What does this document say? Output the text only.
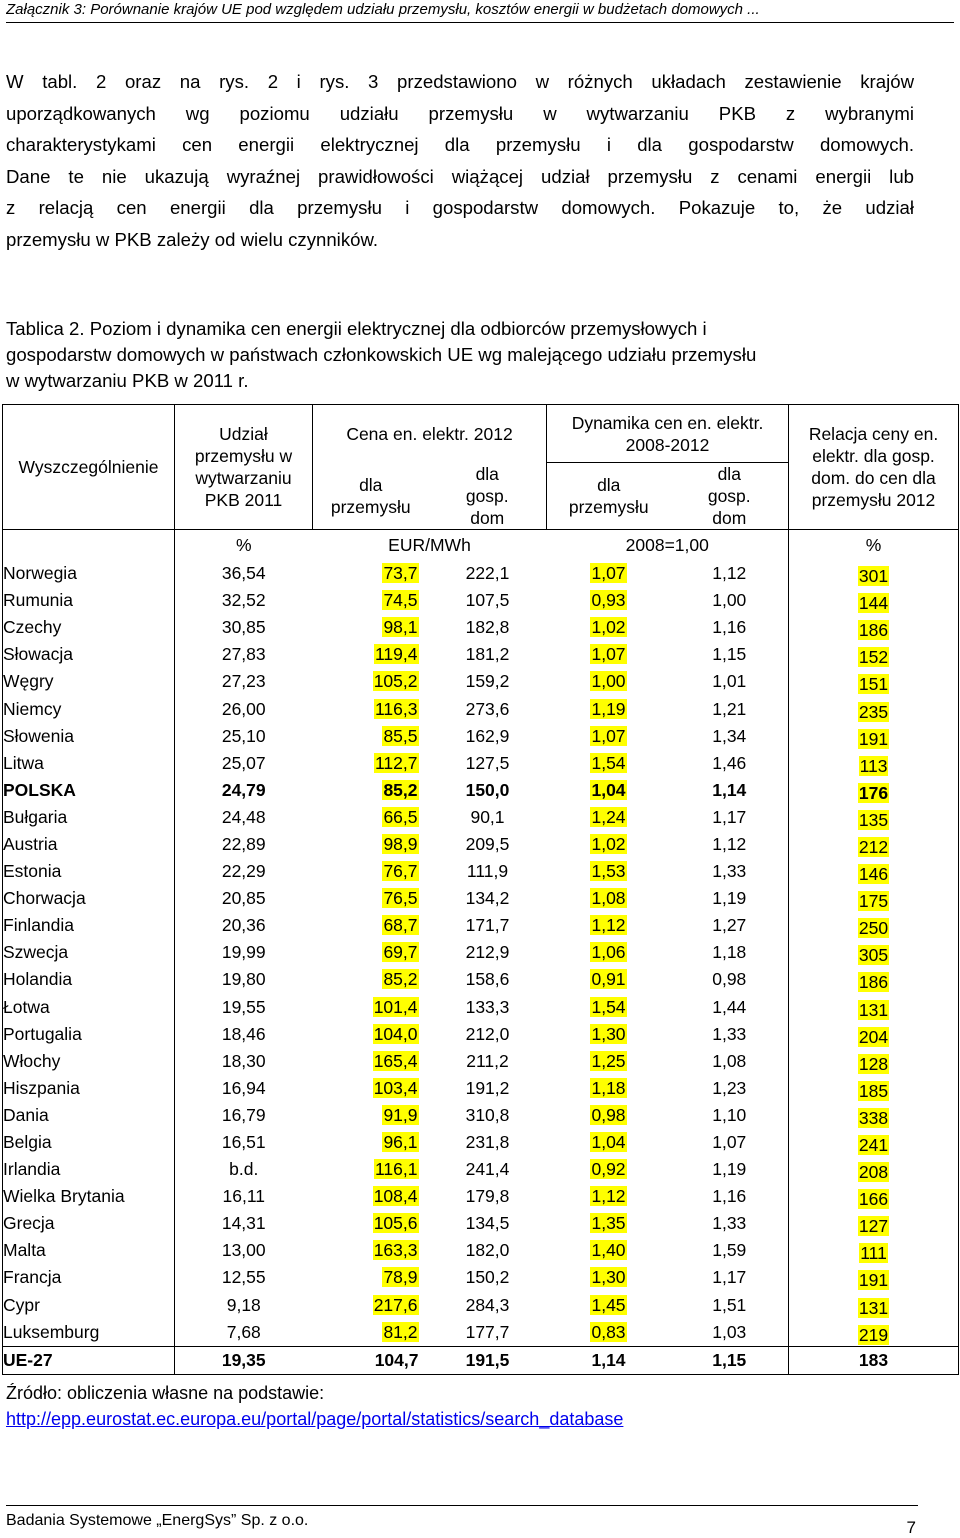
Załącznik 3: Porównanie krajów UE pod względem udziału przemysłu, kosztów energii w budżetach domowych ...
W tabl. 2 oraz na rys. 2 i rys. 3 przedstawiono w różnych układach zestawienie krajów
uporządkowanych wg poziomu udziału przemysłu w wytwarzaniu PKB z wybranymi
charakterystykami cen energii elektrycznej dla przemysłu i dla gospodarstw domowych.
Dane te nie ukazują wyraźnej prawidłowości wiążącej udział przemysłu z cenami energii lub
z relacją cen energii dla przemysłu i gospodarstw domowych. Pokazuje to, że udział
przemysłu w PKB zależy od wielu czynników.
Tablica 2. Poziom i dynamika cen energii elektrycznej dla odbiorców przemysłowych i
gospodarstw domowych w państwach członkowskich UE wg malejącego udziału przemysłu
w wytwarzaniu PKB w 2011 r.
Wyszczególnienie	Udział przemysłu w wytwarzaniu PKB 2011	Cena en. elektr. 2012		Dynamika cen en. elektr. 2008-2012		Relacja ceny en. elektr. dla gosp. dom. do cen dla przemysłu 2012
		dla przemysłu	dla gosp. dom	dla przemysłu	dla gosp. dom	
	%	EUR/MWh		2008=1,00		%
Norwegia	36,54	73,7	222,1	1,07	1,12	301
Rumunia	32,52	74,5	107,5	0,93	1,00	144
Czechy	30,85	98,1	182,8	1,02	1,16	186
Słowacja	27,83	119,4	181,2	1,07	1,15	152
Węgry	27,23	105,2	159,2	1,00	1,01	151
Niemcy	26,00	116,3	273,6	1,19	1,21	235
Słowenia	25,10	85,5	162,9	1,07	1,34	191
Litwa	25,07	112,7	127,5	1,54	1,46	113
POLSKA	24,79	85,2	150,0	1,04	1,14	176
Bułgaria	24,48	66,5	90,1	1,24	1,17	135
Austria	22,89	98,9	209,5	1,02	1,12	212
Estonia	22,29	76,7	111,9	1,53	1,33	146
Chorwacja	20,85	76,5	134,2	1,08	1,19	175
Finlandia	20,36	68,7	171,7	1,12	1,27	250
Szwecja	19,99	69,7	212,9	1,06	1,18	305
Holandia	19,80	85,2	158,6	0,91	0,98	186
Łotwa	19,55	101,4	133,3	1,54	1,44	131
Portugalia	18,46	104,0	212,0	1,30	1,33	204
Włochy	18,30	165,4	211,2	1,25	1,08	128
Hiszpania	16,94	103,4	191,2	1,18	1,23	185
Dania	16,79	91,9	310,8	0,98	1,10	338
Belgia	16,51	96,1	231,8	1,04	1,07	241
Irlandia	b.d.	116,1	241,4	0,92	1,19	208
Wielka Brytania	16,11	108,4	179,8	1,12	1,16	166
Grecja	14,31	105,6	134,5	1,35	1,33	127
Malta	13,00	163,3	182,0	1,40	1,59	111
Francja	12,55	78,9	150,2	1,30	1,17	191
Cypr	9,18	217,6	284,3	1,45	1,51	131
Luksemburg	7,68	81,2	177,7	0,83	1,03	219
UE-27	19,35	104,7	191,5	1,14	1,15	183
Źródło: obliczenia własne na podstawie:
http://epp.eurostat.ec.europa.eu/portal/page/portal/statistics/search_database
Badania Systemowe „EnergSys” Sp. z o.o.	7
